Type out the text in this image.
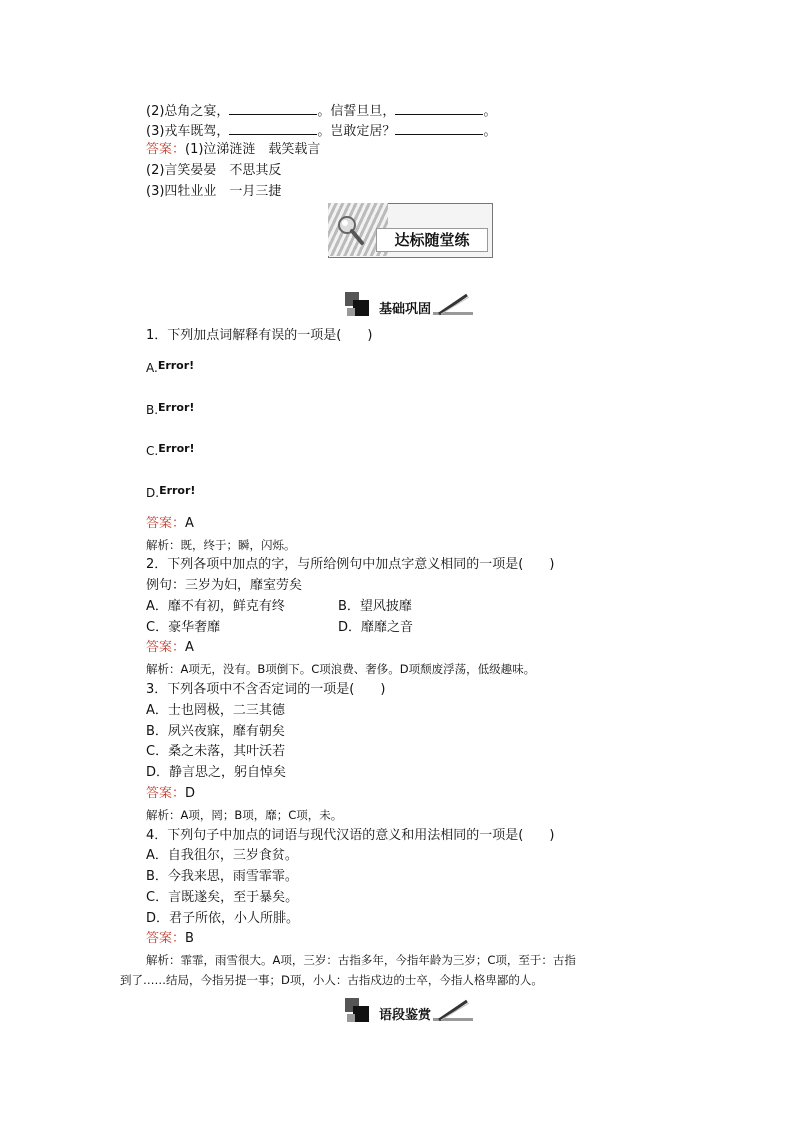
(2)总角之宴，	。信誓旦旦，	。
(3)戎车既驾，	。岂敢定居？	。
答案：(1)泣涕涟涟　载笑载言
(2)言笑晏晏　不思其反
(3)四牡业业　一月三捷
达标随堂练
基础巩固
1．下列加点词解释有误的一项是(　　)
A.$^{Error!}$
B.$^{Error!}$
C.$^{Error!}$
D.$^{Error!}$
答案：A
解析：既，终于；瞬，闪烁。
2．下列各项中加点的字，与所给例句中加点字意义相同的一项是(　　)
例句：三岁为妇，靡室劳矣
A．靡不有初，鲜克有终	B．望风披靡
C．豪华奢靡	D．靡靡之音
答案：A
解析：A项无，没有。B项倒下。C项浪费、奢侈。D项颓废浮荡，低级趣味。
3．下列各项中不含否定词的一项是(　　)
A．士也罔极，二三其德
B．夙兴夜寐，靡有朝矣
C．桑之未落，其叶沃若
D．静言思之，躬自悼矣
答案：D
解析：A项，罔；B项，靡；C项，未。
4．下列句子中加点的词语与现代汉语的意义和用法相同的一项是(　　)
A．自我徂尔，三岁食贫。
B．今我来思，雨雪霏霏。
C．言既遂矣，至于暴矣。
D．君子所依，小人所腓。
答案：B
解析：霏霏，雨雪很大。A项，三岁：古指多年，今指年龄为三岁；C项，至于：古指
到了……结局，今指另提一事；D项，小人：古指戍边的士卒，今指人格卑鄙的人。
语段鉴赏
